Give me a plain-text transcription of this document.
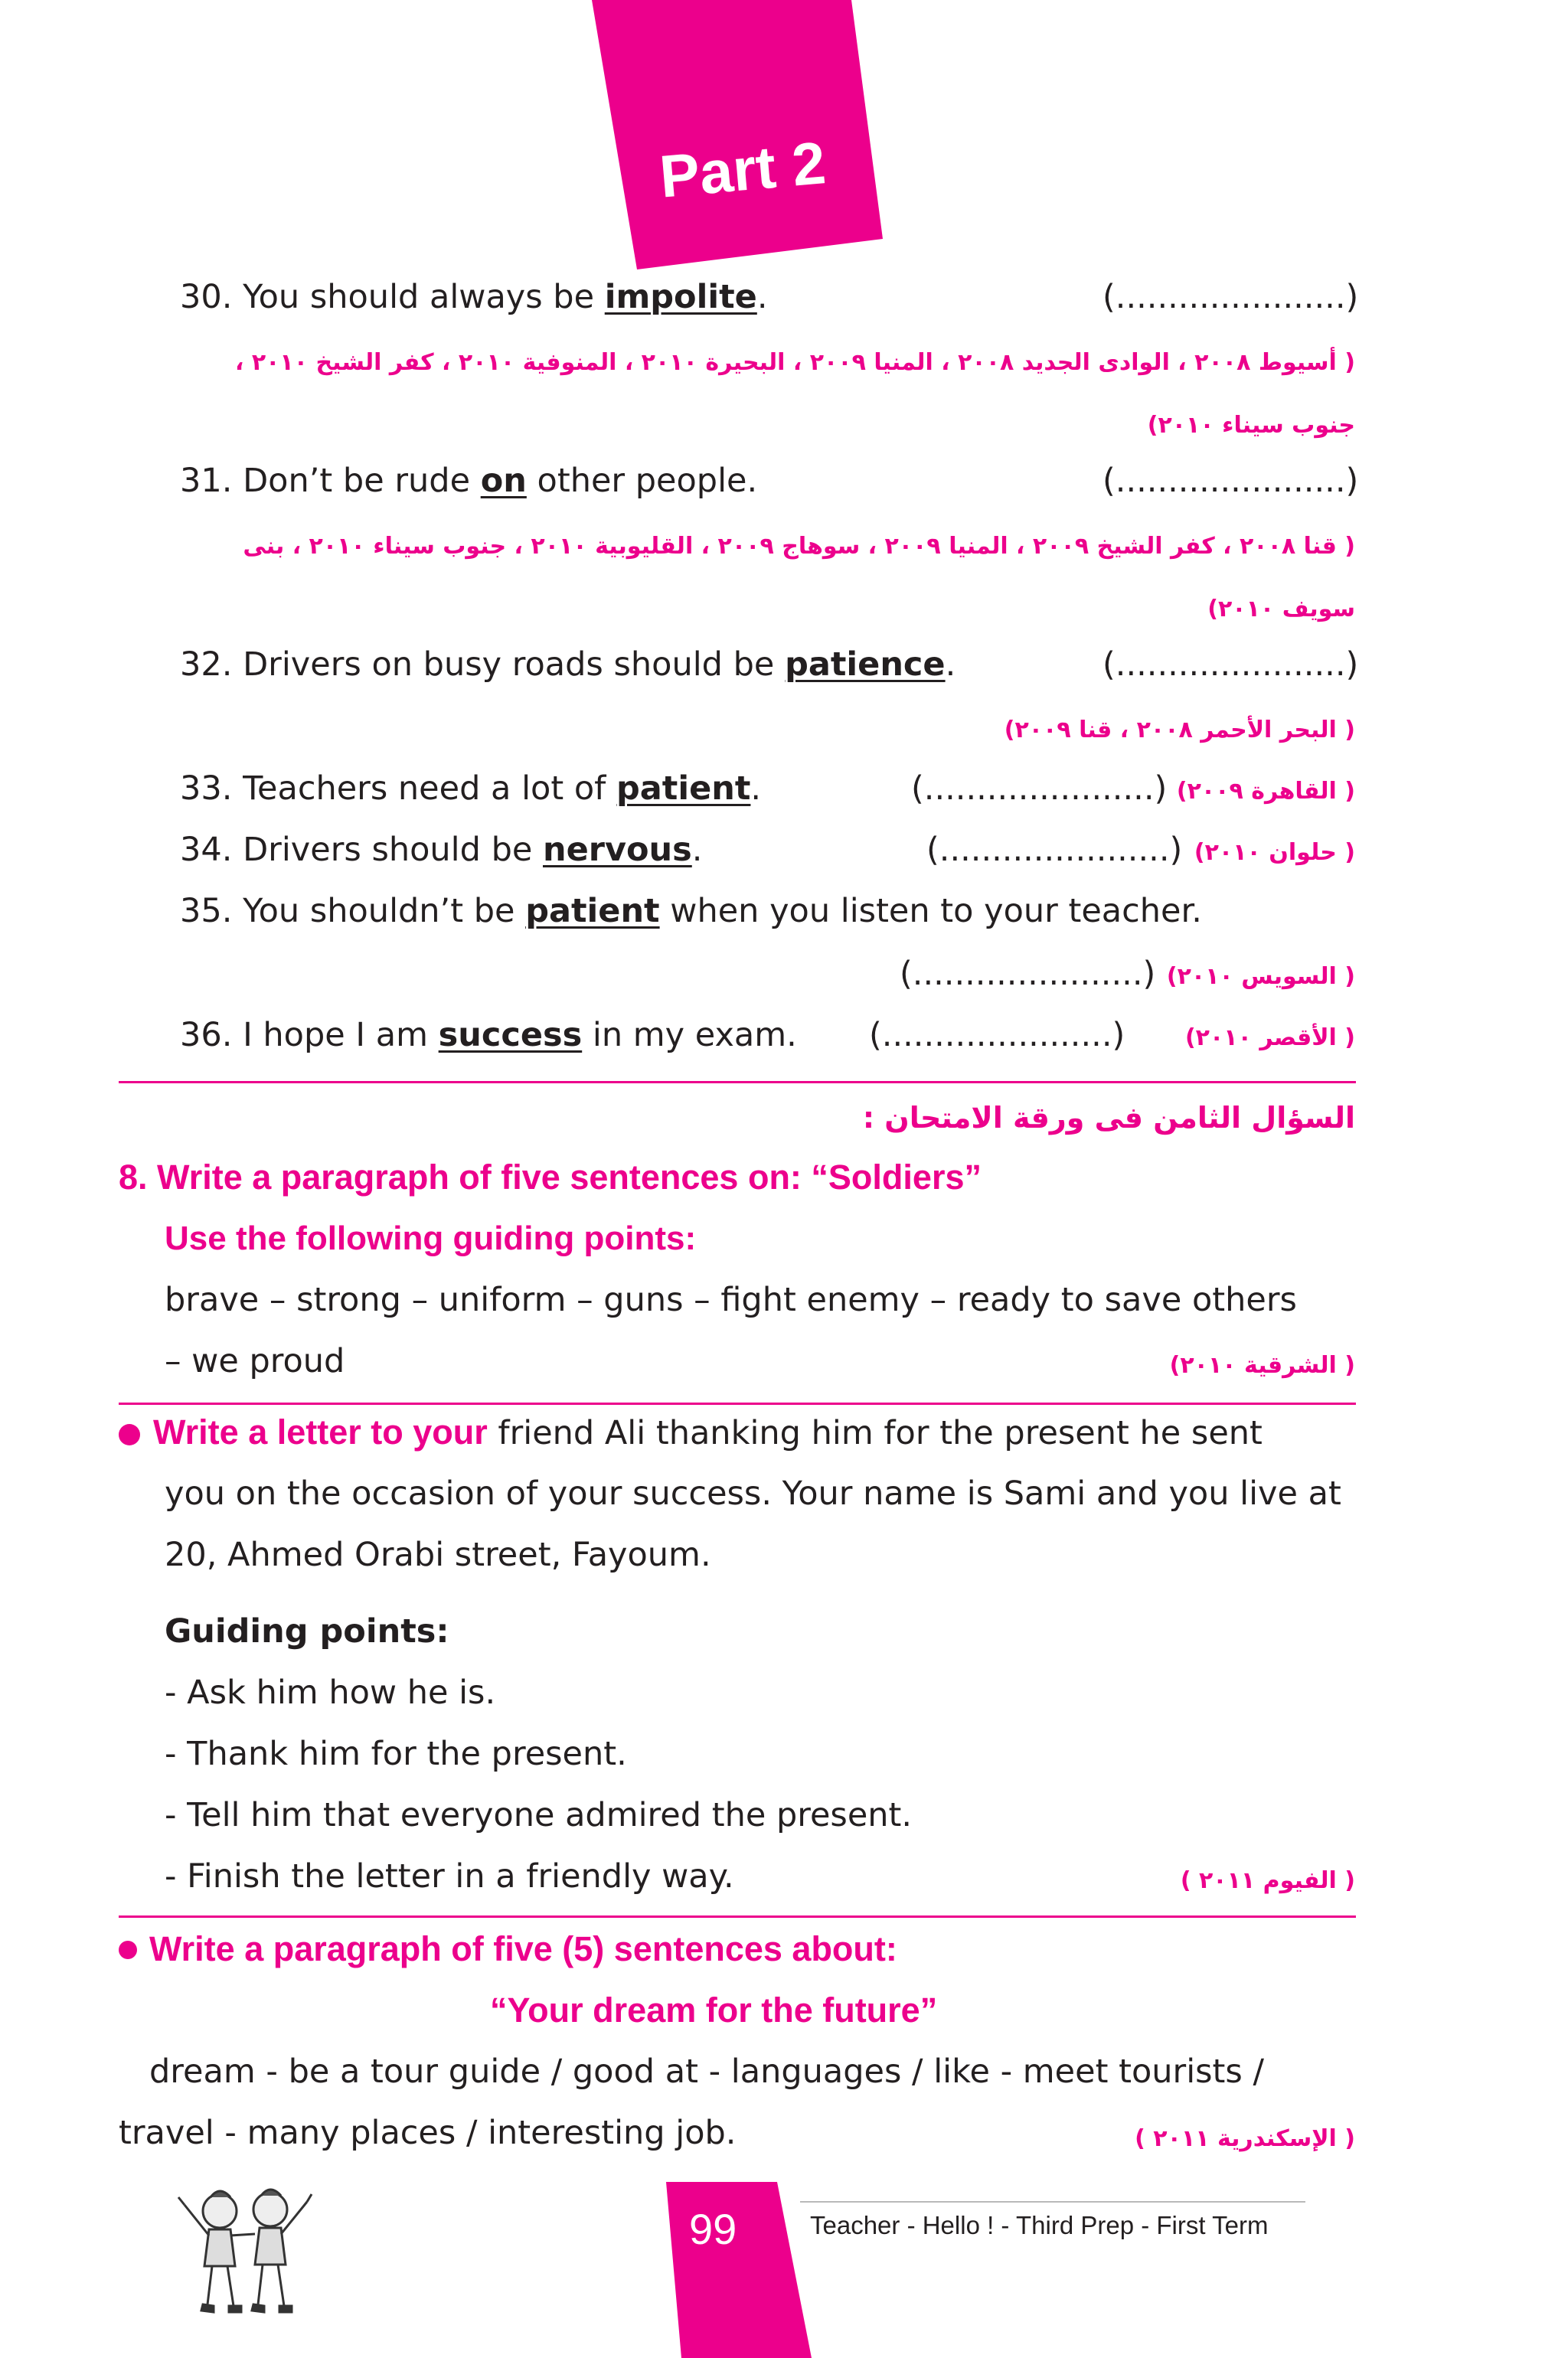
Part 2
30. You should always be impolite.	(......................)
( أسيوط ٢٠٠٨ ، الوادى الجديد ٢٠٠٨ ، المنيا ٢٠٠٩ ، البحيرة ٢٠١٠ ، المنوفية ٢٠١٠ ، كفر الشيخ ٢٠١٠ ،
جنوب سيناء ٢٠١٠)
31. Don’t be rude on other people.	(......................)
( قنا ٢٠٠٨ ، كفر الشيخ ٢٠٠٩ ، المنيا ٢٠٠٩ ، سوهاج ٢٠٠٩ ، القليوبية ٢٠١٠ ، جنوب سيناء ٢٠١٠ ، بنى
سويف ٢٠١٠)
32. Drivers on busy roads should be patience.	(......................)
( البحر الأحمر ٢٠٠٨ ، قنا ٢٠٠٩)
33. Teachers need a lot of patient.	(......................) ( القاهرة ٢٠٠٩)
34. Drivers should be nervous.	(......................) ( حلوان ٢٠١٠)
35. You shouldn’t be patient when you listen to your teacher.
(......................) ( السويس ٢٠١٠)
36. I hope I am success in my exam. (......................)	( الأقصر ٢٠١٠)
السؤال الثامن فى ورقة الامتحان :
8. Write a paragraph of five sentences on: “Soldiers”
Use the following guiding points:
brave – strong – uniform – guns – fight enemy – ready to save others
– we proud	( الشرقية ٢٠١٠)
Write a letter to your friend Ali thanking him for the present he sent
you on the occasion of your success. Your name is Sami and you live at
20, Ahmed Orabi street, Fayoum.
Guiding points:
- Ask him how he is.
- Thank him for the present.
- Tell him that everyone admired the present.
- Finish the letter in a friendly way.	( الفيوم ٢٠١١ )
Write a paragraph of five (5) sentences about:
“Your dream for the future”
dream - be a tour guide / good at - languages / like - meet tourists /
travel - many places / interesting job.	( الإسكندرية ٢٠١١ )
99	Teacher - Hello ! - Third Prep - First Term
